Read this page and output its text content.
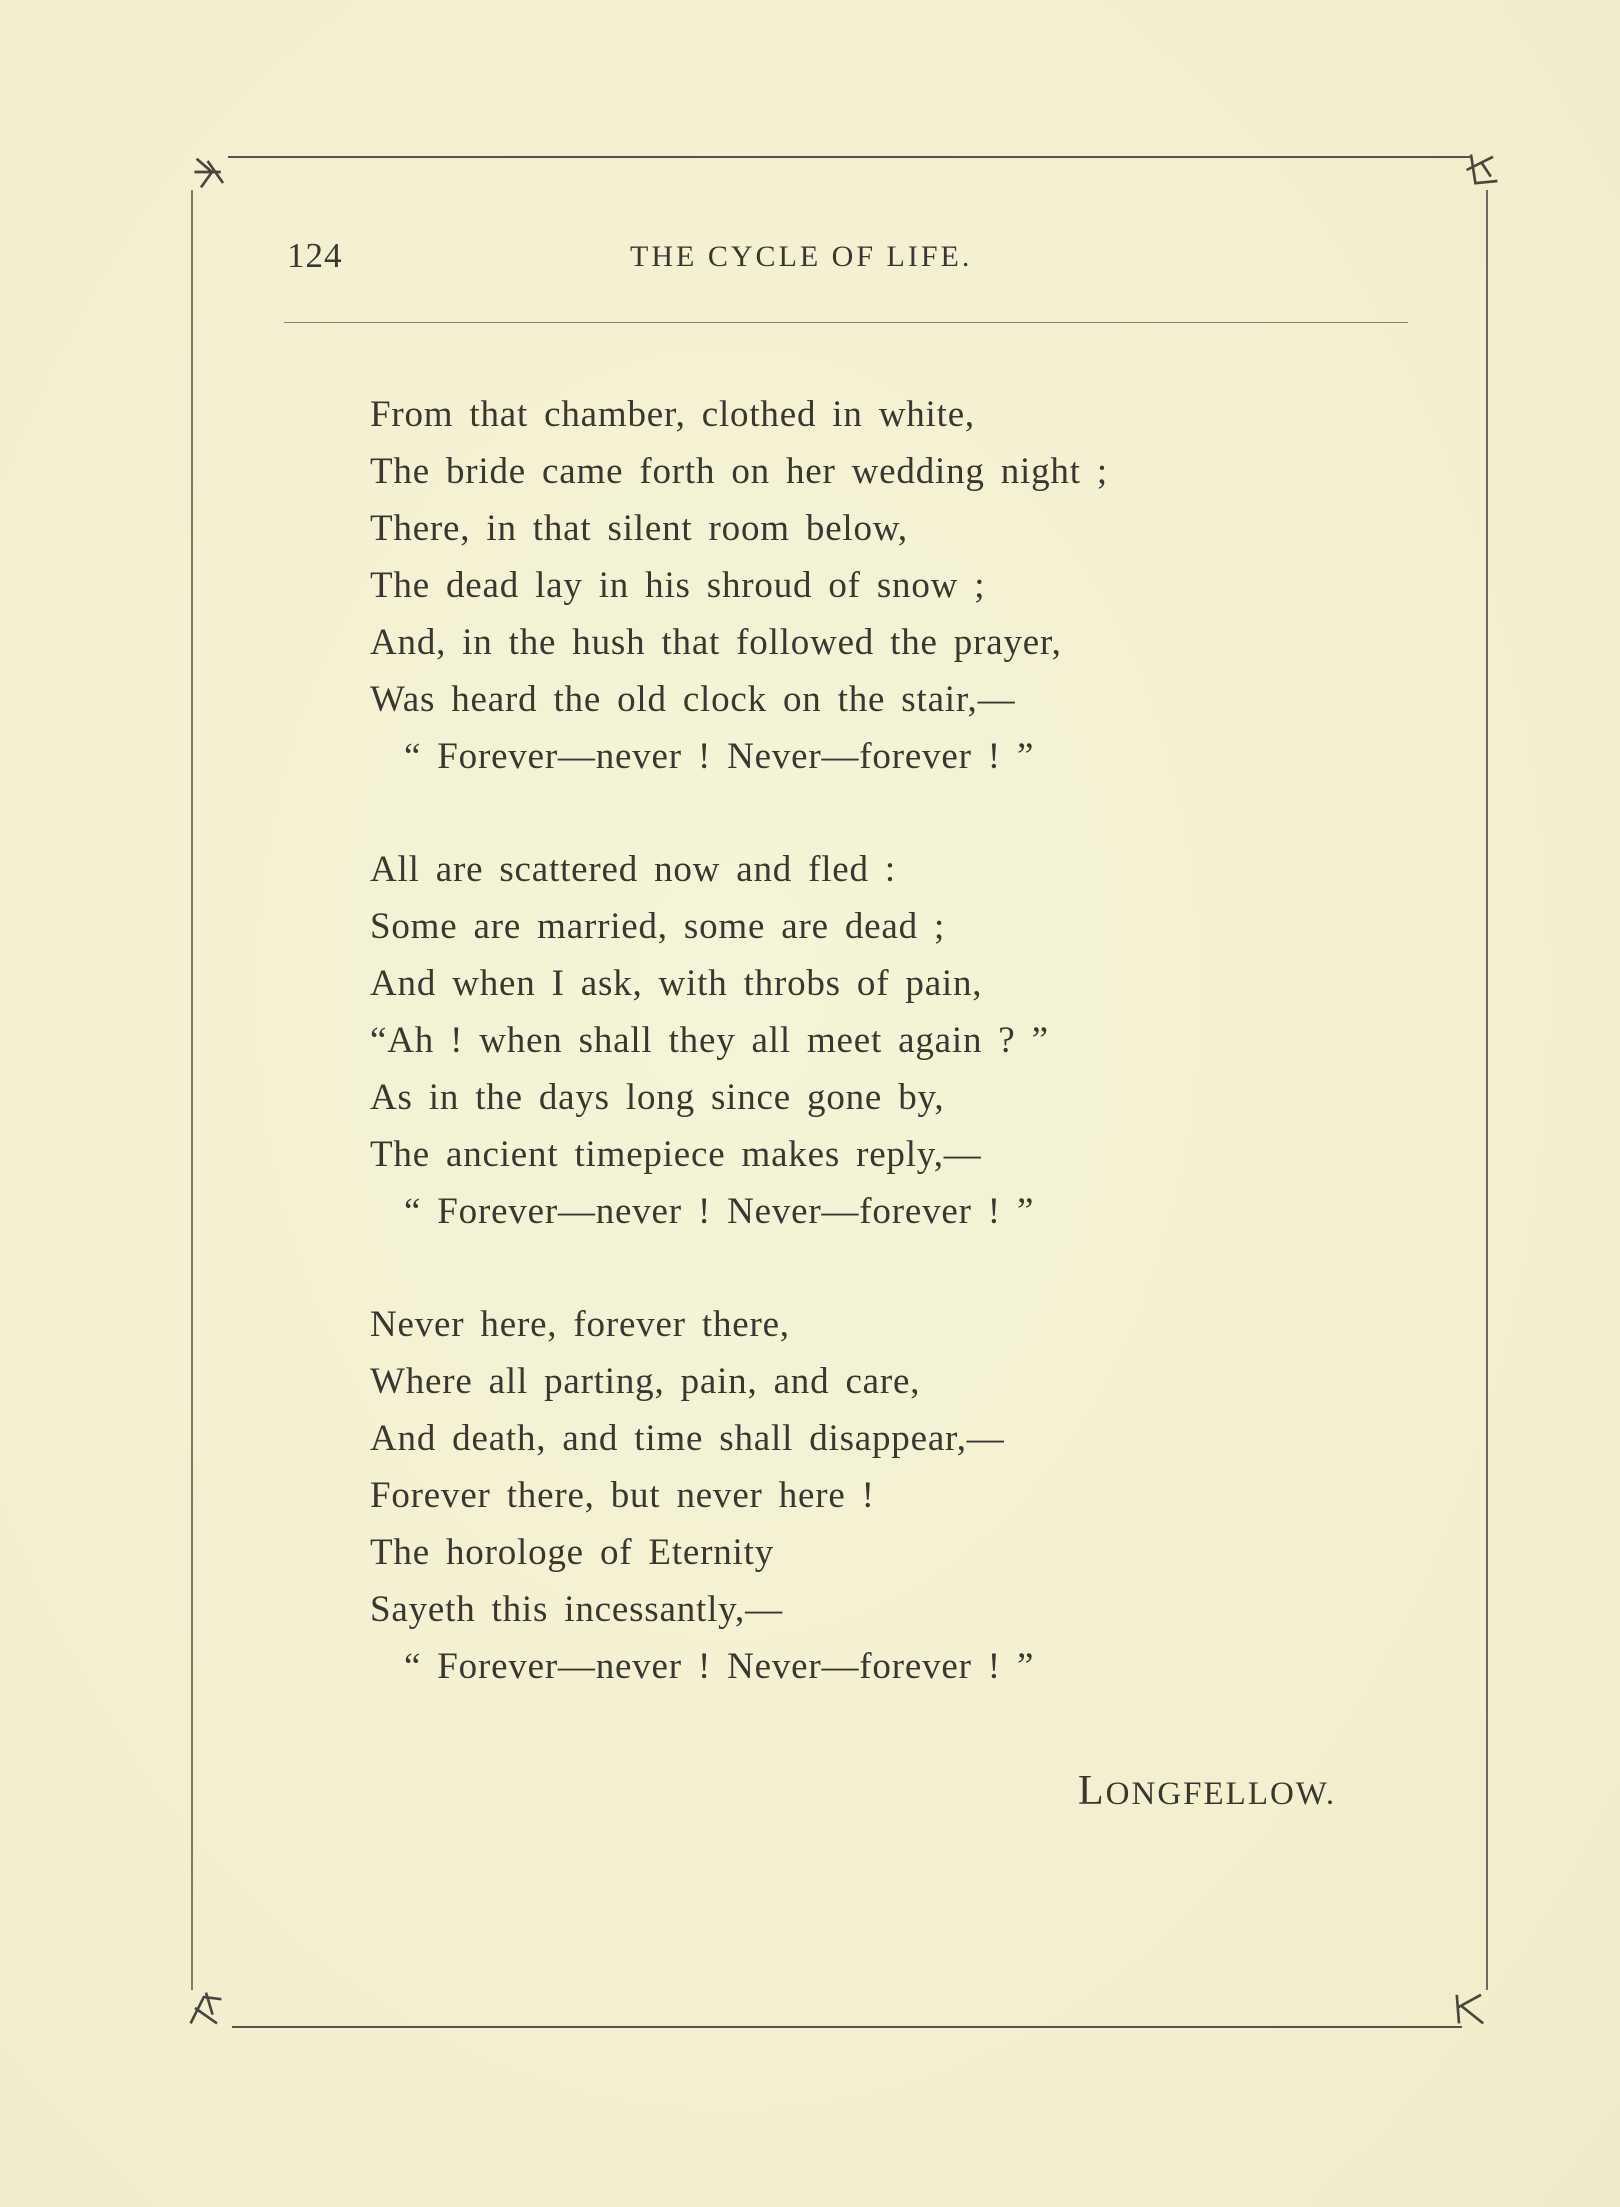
124	THE CYCLE OF LIFE.
From that chamber, clothed in white,
The bride came forth on her wedding night ;
There, in that silent room below,
The dead lay in his shroud of snow ;
And, in the hush that followed the prayer,
Was heard the old clock on the stair,—
“ Forever—never ! Never—forever ! ”
All are scattered now and fled :
Some are married, some are dead ;
And when I ask, with throbs of pain,
“Ah ! when shall they all meet again ? ”
As in the days long since gone by,
The ancient timepiece makes reply,—
“ Forever—never ! Never—forever ! ”
Never here, forever there,
Where all parting, pain, and care,
And death, and time shall disappear,—
Forever there, but never here !
The horologe of Eternity
Sayeth this incessantly,—
“ Forever—never ! Never—forever ! ”
LONGFELLOW.
